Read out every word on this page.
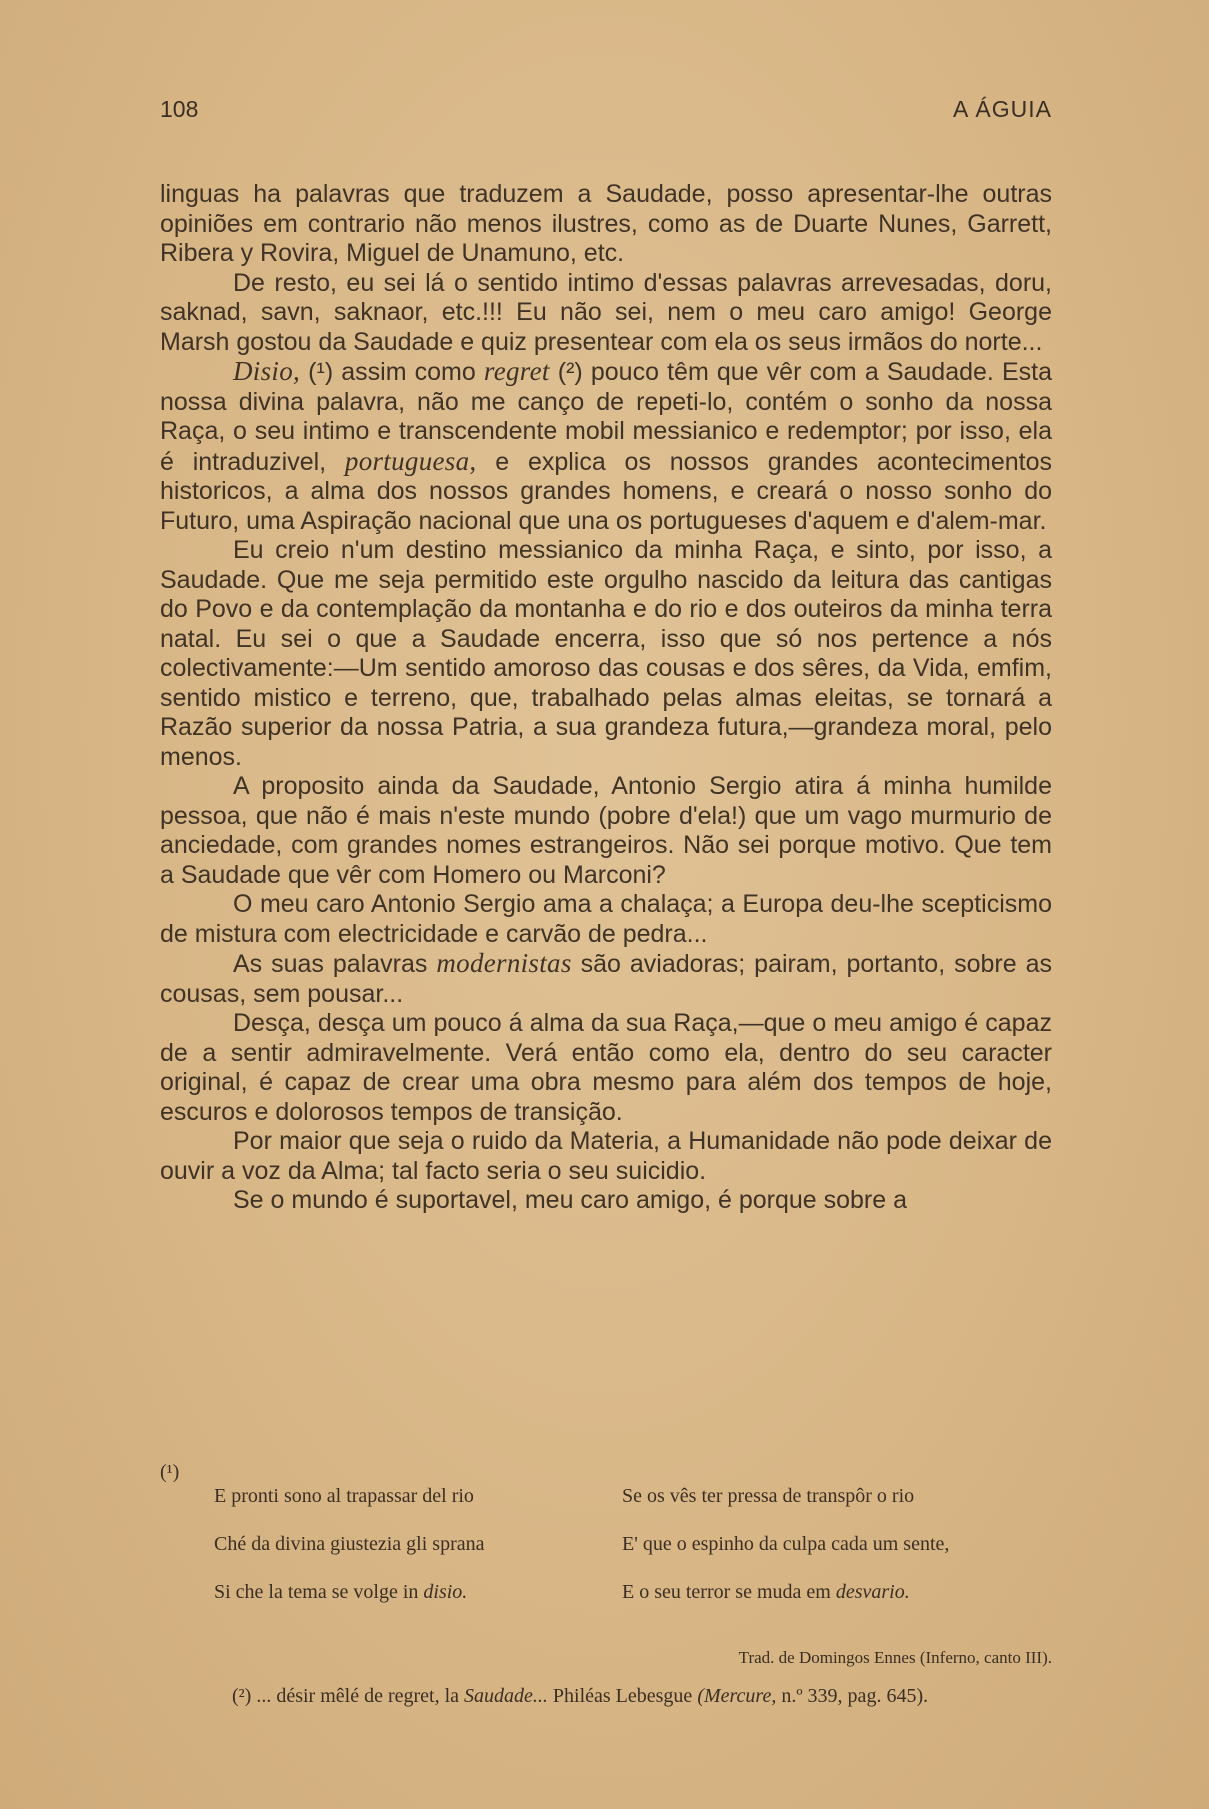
108	A ÁGUIA

linguas ha palavras que traduzem a Saudade, posso apresentar-lhe outras opiniões em contrario não menos ilustres, como as de Duarte Nunes, Garrett, Ribera y Rovira, Miguel de Unamuno, etc.

De resto, eu sei lá o sentido intimo d'essas palavras arrevesadas, doru, saknad, savn, saknaor, etc.!!! Eu não sei, nem o meu caro amigo! George Marsh gostou da Saudade e quiz presentear com ela os seus irmãos do norte...

Disio, (¹) assim como regret (²) pouco têm que vêr com a Saudade. Esta nossa divina palavra, não me canço de repeti-lo, contém o sonho da nossa Raça, o seu intimo e transcendente mobil messianico e redemptor; por isso, ela é intraduzivel, portuguesa, e explica os nossos grandes acontecimentos historicos, a alma dos nossos grandes homens, e creará o nosso sonho do Futuro, uma Aspiração nacional que una os portugueses d'aquem e d'alem-mar.

Eu creio n'um destino messianico da minha Raça, e sinto, por isso, a Saudade. Que me seja permitido este orgulho nascido da leitura das cantigas do Povo e da contemplação da montanha e do rio e dos outeiros da minha terra natal. Eu sei o que a Saudade encerra, isso que só nos pertence a nós colectivamente:—Um sentido amoroso das cousas e dos sêres, da Vida, emfim, sentido mistico e terreno, que, trabalhado pelas almas eleitas, se tornará a Razão superior da nossa Patria, a sua grandeza futura,—grandeza moral, pelo menos.

A proposito ainda da Saudade, Antonio Sergio atira á minha humilde pessoa, que não é mais n'este mundo (pobre d'ela!) que um vago murmurio de anciedade, com grandes nomes estrangeiros. Não sei porque motivo. Que tem a Saudade que vêr com Homero ou Marconi?

O meu caro Antonio Sergio ama a chalaça; a Europa deu-lhe scepticismo de mistura com electricidade e carvão de pedra...

As suas palavras modernistas são aviadoras; pairam, portanto, sobre as cousas, sem pousar...

Desça, desça um pouco á alma da sua Raça,—que o meu amigo é capaz de a sentir admiravelmente. Verá então como ela, dentro do seu caracter original, é capaz de crear uma obra mesmo para além dos tempos de hoje, escuros e dolorosos tempos de transição.

Por maior que seja o ruido da Materia, a Humanidade não pode deixar de ouvir a voz da Alma; tal facto seria o seu suicidio.

Se o mundo é suportavel, meu caro amigo, é porque sobre a

(¹)

E pronti sono al trapassar del rio

Ché da divina giustezia gli sprana

Si che la tema se volge in disio.

Se os vês ter pressa de transpôr o rio

E' que o espinho da culpa cada um sente,

E o seu terror se muda em desvario.

Trad. de Domingos Ennes (Inferno, canto III).
(²) ... désir mêlé de regret, la Saudade... Philéas Lebesgue (Mercure, n.º 339, pag. 645).
